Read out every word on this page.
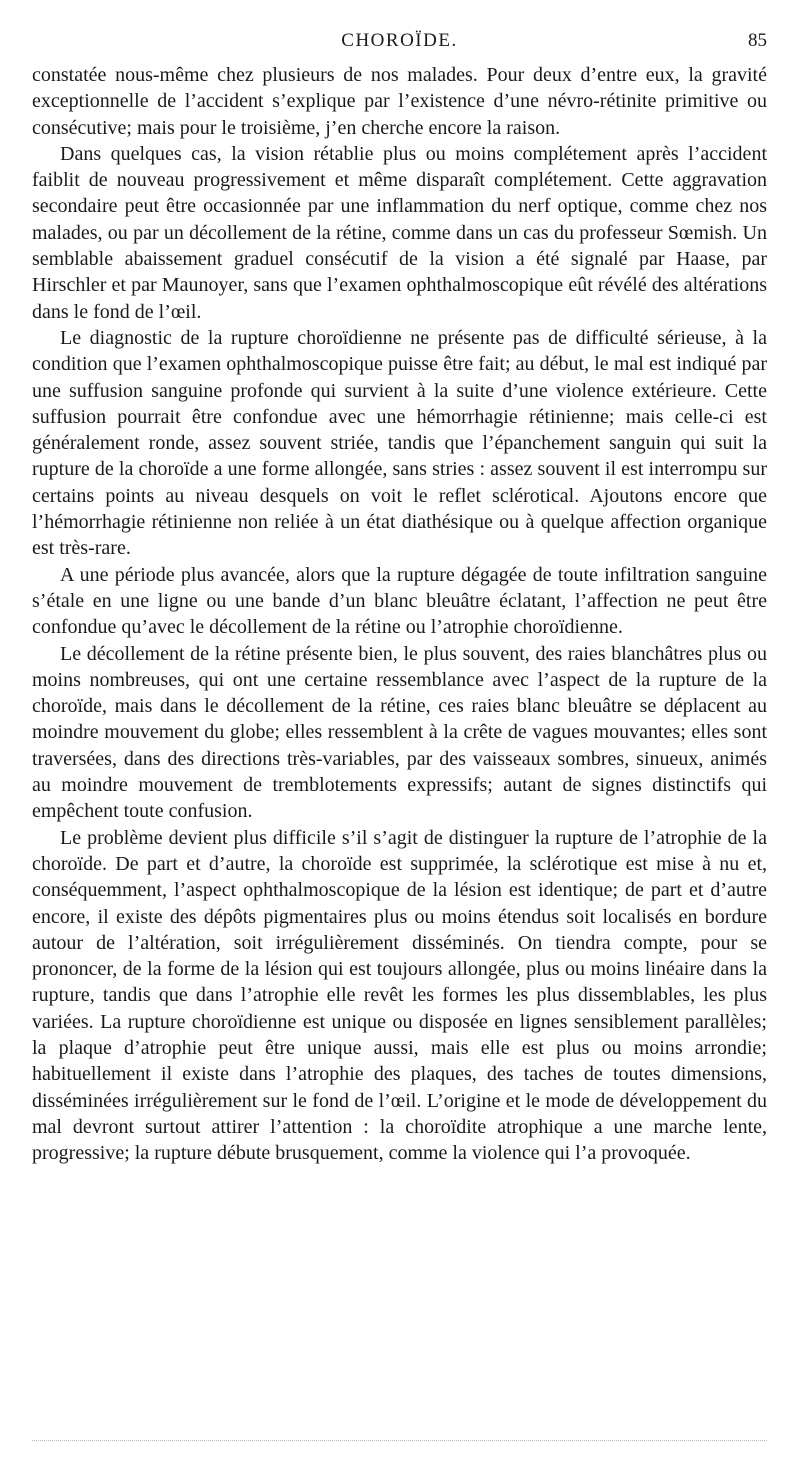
CHOROÏDE.	85

constatée nous-même chez plusieurs de nos malades. Pour deux d’entre eux, la gravité exceptionnelle de l’accident s’explique par l’existence d’une névro-rétinite primitive ou consécutive; mais pour le troisième, j’en cherche encore la raison.

Dans quelques cas, la vision rétablie plus ou moins complétement après l’accident faiblit de nouveau progressivement et même disparaît complétement. Cette aggravation secondaire peut être occasionnée par une inflammation du nerf optique, comme chez nos malades, ou par un décollement de la rétine, comme dans un cas du professeur Sœmish. Un semblable abaissement graduel consécutif de la vision a été signalé par Haase, par Hirschler et par Maunoyer, sans que l’examen ophthalmoscopique eût révélé des altérations dans le fond de l’œil.

Le diagnostic de la rupture choroïdienne ne présente pas de difficulté sérieuse, à la condition que l’examen ophthalmoscopique puisse être fait; au début, le mal est indiqué par une suffusion sanguine profonde qui survient à la suite d’une violence extérieure. Cette suffusion pourrait être confondue avec une hémorrhagie rétinienne; mais celle-ci est généralement ronde, assez souvent striée, tandis que l’épanchement sanguin qui suit la rupture de la choroïde a une forme allongée, sans stries : assez souvent il est interrompu sur certains points au niveau desquels on voit le reflet sclérotical. Ajoutons encore que l’hémorrhagie rétinienne non reliée à un état diathésique ou à quelque affection organique est très-rare.

A une période plus avancée, alors que la rupture dégagée de toute infiltration sanguine s’étale en une ligne ou une bande d’un blanc bleuâtre éclatant, l’affection ne peut être confondue qu’avec le décollement de la rétine ou l’atrophie choroïdienne.

Le décollement de la rétine présente bien, le plus souvent, des raies blanchâtres plus ou moins nombreuses, qui ont une certaine ressemblance avec l’aspect de la rupture de la choroïde, mais dans le décollement de la rétine, ces raies blanc bleuâtre se déplacent au moindre mouvement du globe; elles ressemblent à la crête de vagues mouvantes; elles sont traversées, dans des directions très-variables, par des vaisseaux sombres, sinueux, animés au moindre mouvement de tremblotements expressifs; autant de signes distinctifs qui empêchent toute confusion.

Le problème devient plus difficile s’il s’agit de distinguer la rupture de l’atrophie de la choroïde. De part et d’autre, la choroïde est supprimée, la sclérotique est mise à nu et, conséquemment, l’aspect ophthalmoscopique de la lésion est identique; de part et d’autre encore, il existe des dépôts pigmentaires plus ou moins étendus soit localisés en bordure autour de l’altération, soit irrégulièrement disséminés. On tiendra compte, pour se prononcer, de la forme de la lésion qui est toujours allongée, plus ou moins linéaire dans la rupture, tandis que dans l’atrophie elle revêt les formes les plus dissemblables, les plus variées. La rupture choroïdienne est unique ou disposée en lignes sensiblement parallèles; la plaque d’atrophie peut être unique aussi, mais elle est plus ou moins arrondie; habituellement il existe dans l’atrophie des plaques, des taches de toutes dimensions, disséminées irrégulièrement sur le fond de l’œil. L’origine et le mode de développement du mal devront surtout attirer l’attention : la choroïdite atrophique a une marche lente, progressive; la rupture débute brusquement, comme la violence qui l’a provoquée.
